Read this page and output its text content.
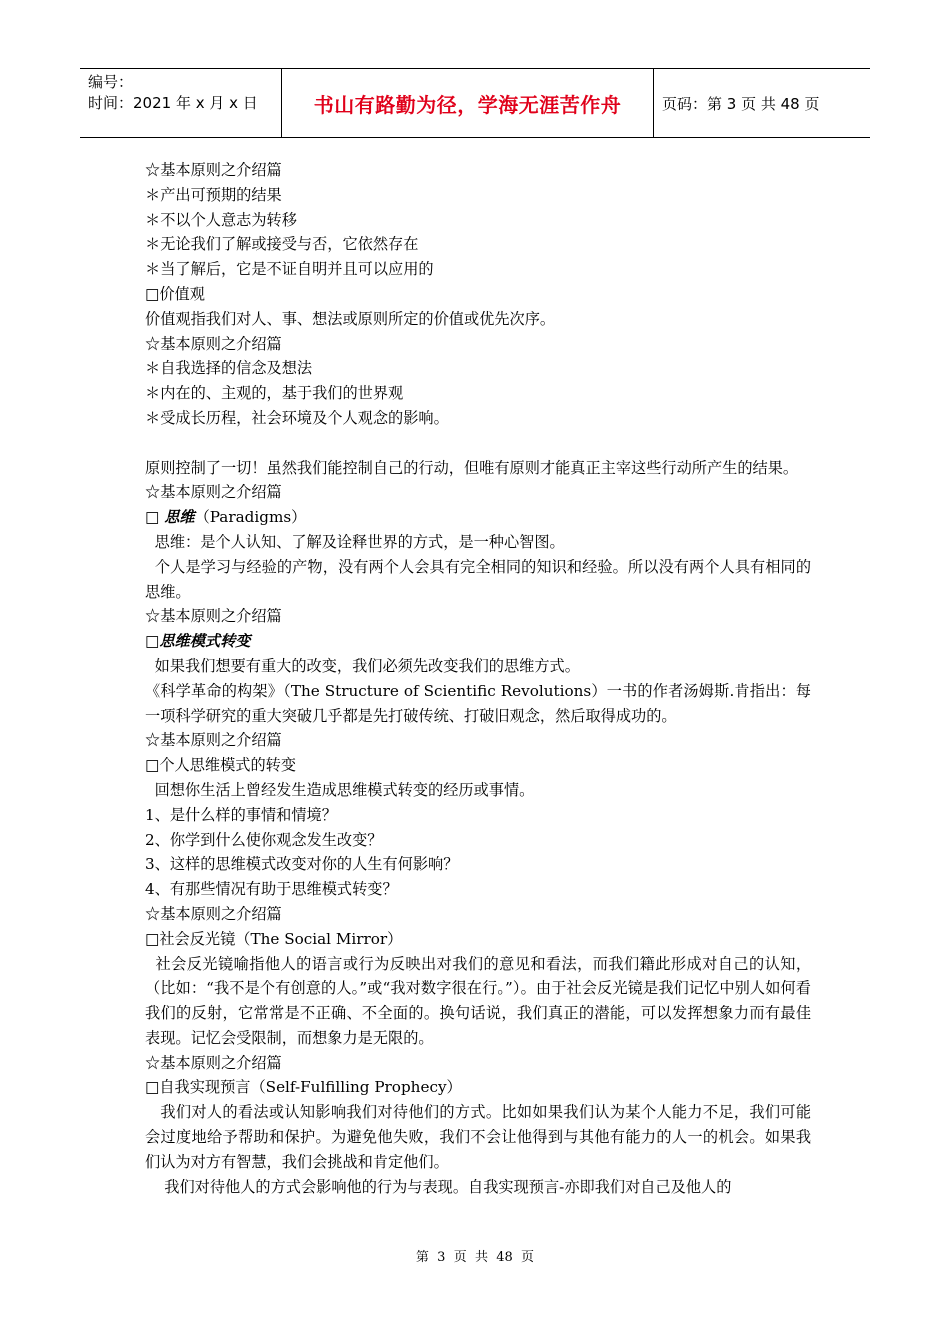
编号：
时间：2021 年 x 月 x 日	书山有路勤为径，学海无涯苦作舟	页码：第 3 页 共 48 页
☆基本原则之介绍篇
＊产出可预期的结果
＊不以个人意志为转移
＊无论我们了解或接受与否，它依然存在
＊当了解后，它是不证自明并且可以应用的
□价值观
价值观指我们对人、事、想法或原则所定的价值或优先次序。
☆基本原则之介绍篇
＊自我选择的信念及想法
＊内在的、主观的，基于我们的世界观
＊受成长历程，社会环境及个人观念的影响。
原则控制了一切！虽然我们能控制自己的行动，但唯有原则才能真正主宰这些行动所产生的结果。
☆基本原则之介绍篇
□ 思维（Paradigms）
思维：是个人认知、了解及诠释世界的方式，是一种心智图。
个人是学习与经验的产物，没有两个人会具有完全相同的知识和经验。所以没有两个人具有相同的思维。
☆基本原则之介绍篇
□思维模式转变
如果我们想要有重大的改变，我们必须先改变我们的思维方式。
《科学革命的构架》（The Structure of Scientific Revolutions）一书的作者汤姆斯.肯指出：每一项科学研究的重大突破几乎都是先打破传统、打破旧观念，然后取得成功的。
☆基本原则之介绍篇
□个人思维模式的转变
回想你生活上曾经发生造成思维模式转变的经历或事情。
1、是什么样的事情和情境？
2、你学到什么使你观念发生改变？
3、这样的思维模式改变对你的人生有何影响？
4、有那些情况有助于思维模式转变？
☆基本原则之介绍篇
□社会反光镜（The Social Mirror）
社会反光镜喻指他人的语言或行为反映出对我们的意见和看法，而我们籍此形成对自己的认知，（比如：“我不是个有创意的人。”或“我对数字很在行。”）。由于社会反光镜是我们记忆中别人如何看我们的反射，它常常是不正确、不全面的。换句话说，我们真正的潜能，可以发挥想象力而有最佳表现。记忆会受限制，而想象力是无限的。
☆基本原则之介绍篇
□自我实现预言（Self-Fulfilling Prophecy）
我们对人的看法或认知影响我们对待他们的方式。比如如果我们认为某个人能力不足，我们可能会过度地给予帮助和保护。为避免他失败，我们不会让他得到与其他有能力的人一的机会。如果我们认为对方有智慧，我们会挑战和肯定他们。
我们对待他人的方式会影响他的行为与表现。自我实现预言-亦即我们对自己及他人的
第  3  页  共  48  页
